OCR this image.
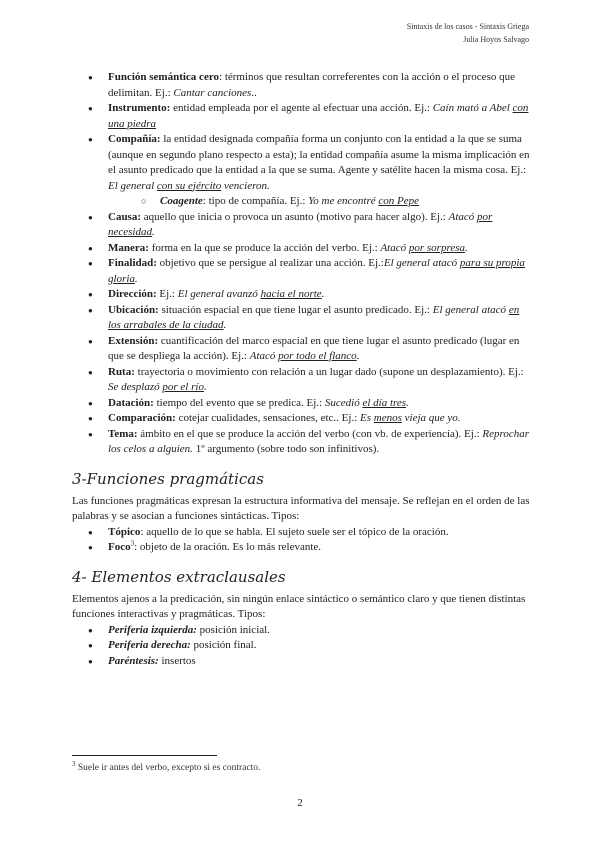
Sintaxis de los casos - Sintaxis Griega
Julia Hoyos Salvago
● Función semántica cero: términos que resultan correferentes con la acción o el proceso que delimitan. Ej.: Cantar canciones..
● Instrumento: entidad empleada por el agente al efectuar una acción. Ej.: Caín mató a Abel con una piedra
● Compañía: la entidad designada compañía forma un conjunto con la entidad a la que se suma (aunque en segundo plano respecto a esta); la entidad compañía asume la misma implicación en el asunto predicado que la entidad a la que se suma. Agente y satélite hacen la misma cosa. Ej.: El general con su ejército vencieron.
○ Coagente: tipo de compañía. Ej.: Yo me encontré con Pepe
● Causa: aquello que inicia o provoca un asunto (motivo para hacer algo). Ej.: Atacó por necesidad.
● Manera: forma en la que se produce la acción del verbo. Ej.: Atacó por sorpresa.
● Finalidad: objetivo que se persigue al realizar una acción. Ej.:El general atacó para su propia gloria.
● Dirección: Ej.: El general avanzó hacia el norte.
● Ubicación: situación espacial en que tiene lugar el asunto predicado. Ej.: El general atacó en los arrabales de la ciudad.
● Extensión: cuantificación del marco espacial en que tiene lugar el asunto predicado (lugar en que se despliega la acción). Ej.: Atacó por todo el flanco.
● Ruta: trayectoria o movimiento con relación a un lugar dado (supone un desplazamiento). Ej.: Se desplazó por el río.
● Datación: tiempo del evento que se predica. Ej.: Sucedió el día tres.
● Comparación: cotejar cualidades, sensaciones, etc.. Ej.: Es menos vieja que yo.
● Tema: ámbito en el que se produce la acción del verbo (con vb. de experiencia). Ej.: Reprochar los celos a alguien. 1º argumento (sobre todo son infinitivos).
3-Funciones pragmáticas

Las funciones pragmáticas expresan la estructura informativa del mensaje. Se reflejan en el orden de las palabras y se asocian a funciones sintácticas. Tipos:

● Tópico: aquello de lo que se habla. El sujeto suele ser el tópico de la oración.
● Foco$^3$: objeto de la oración. Es lo más relevante.
4- Elementos extraclausales

Elementos ajenos a la predicación, sin ningún enlace sintáctico o semántico claro y que tienen distintas funciones interactivas y pragmáticas. Tipos:

● Periferia izquierda: posición inicial.
● Periferia derecha: posición final.
● Paréntesis: insertos
$^3$ Suele ir antes del verbo, excepto si es contracto.
2
